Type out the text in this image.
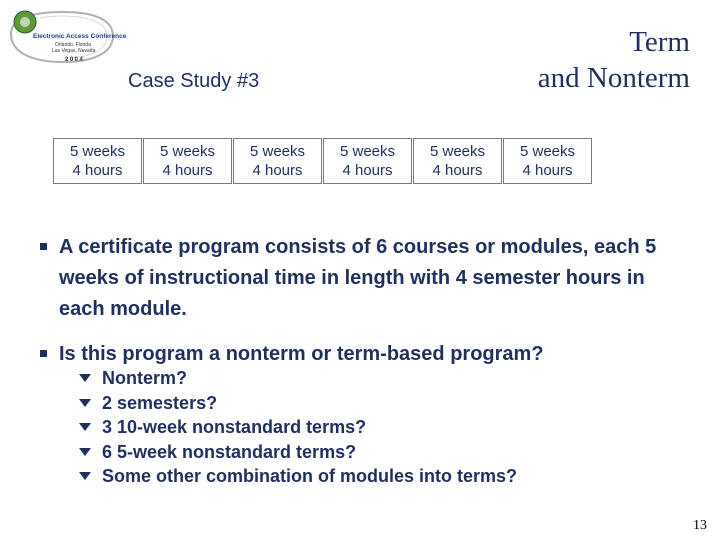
Electronic Access Conference
Orlando, Florida
Las Vegas, Nevada
2004
Term
and Nonterm
Case Study #3
5 weeks
4 hours
5 weeks
4 hours
5 weeks
4 hours
5 weeks
4 hours
5 weeks
4 hours
5 weeks
4 hours
A certificate program consists of 6 courses or modules, each 5 weeks of instructional time in length with 4 semester hours in each module.
Is this program a nonterm or term-based program?
Nonterm?
2 semesters?
3 10-week nonstandard terms?
6 5-week nonstandard terms?
Some other combination of modules into terms?
13
